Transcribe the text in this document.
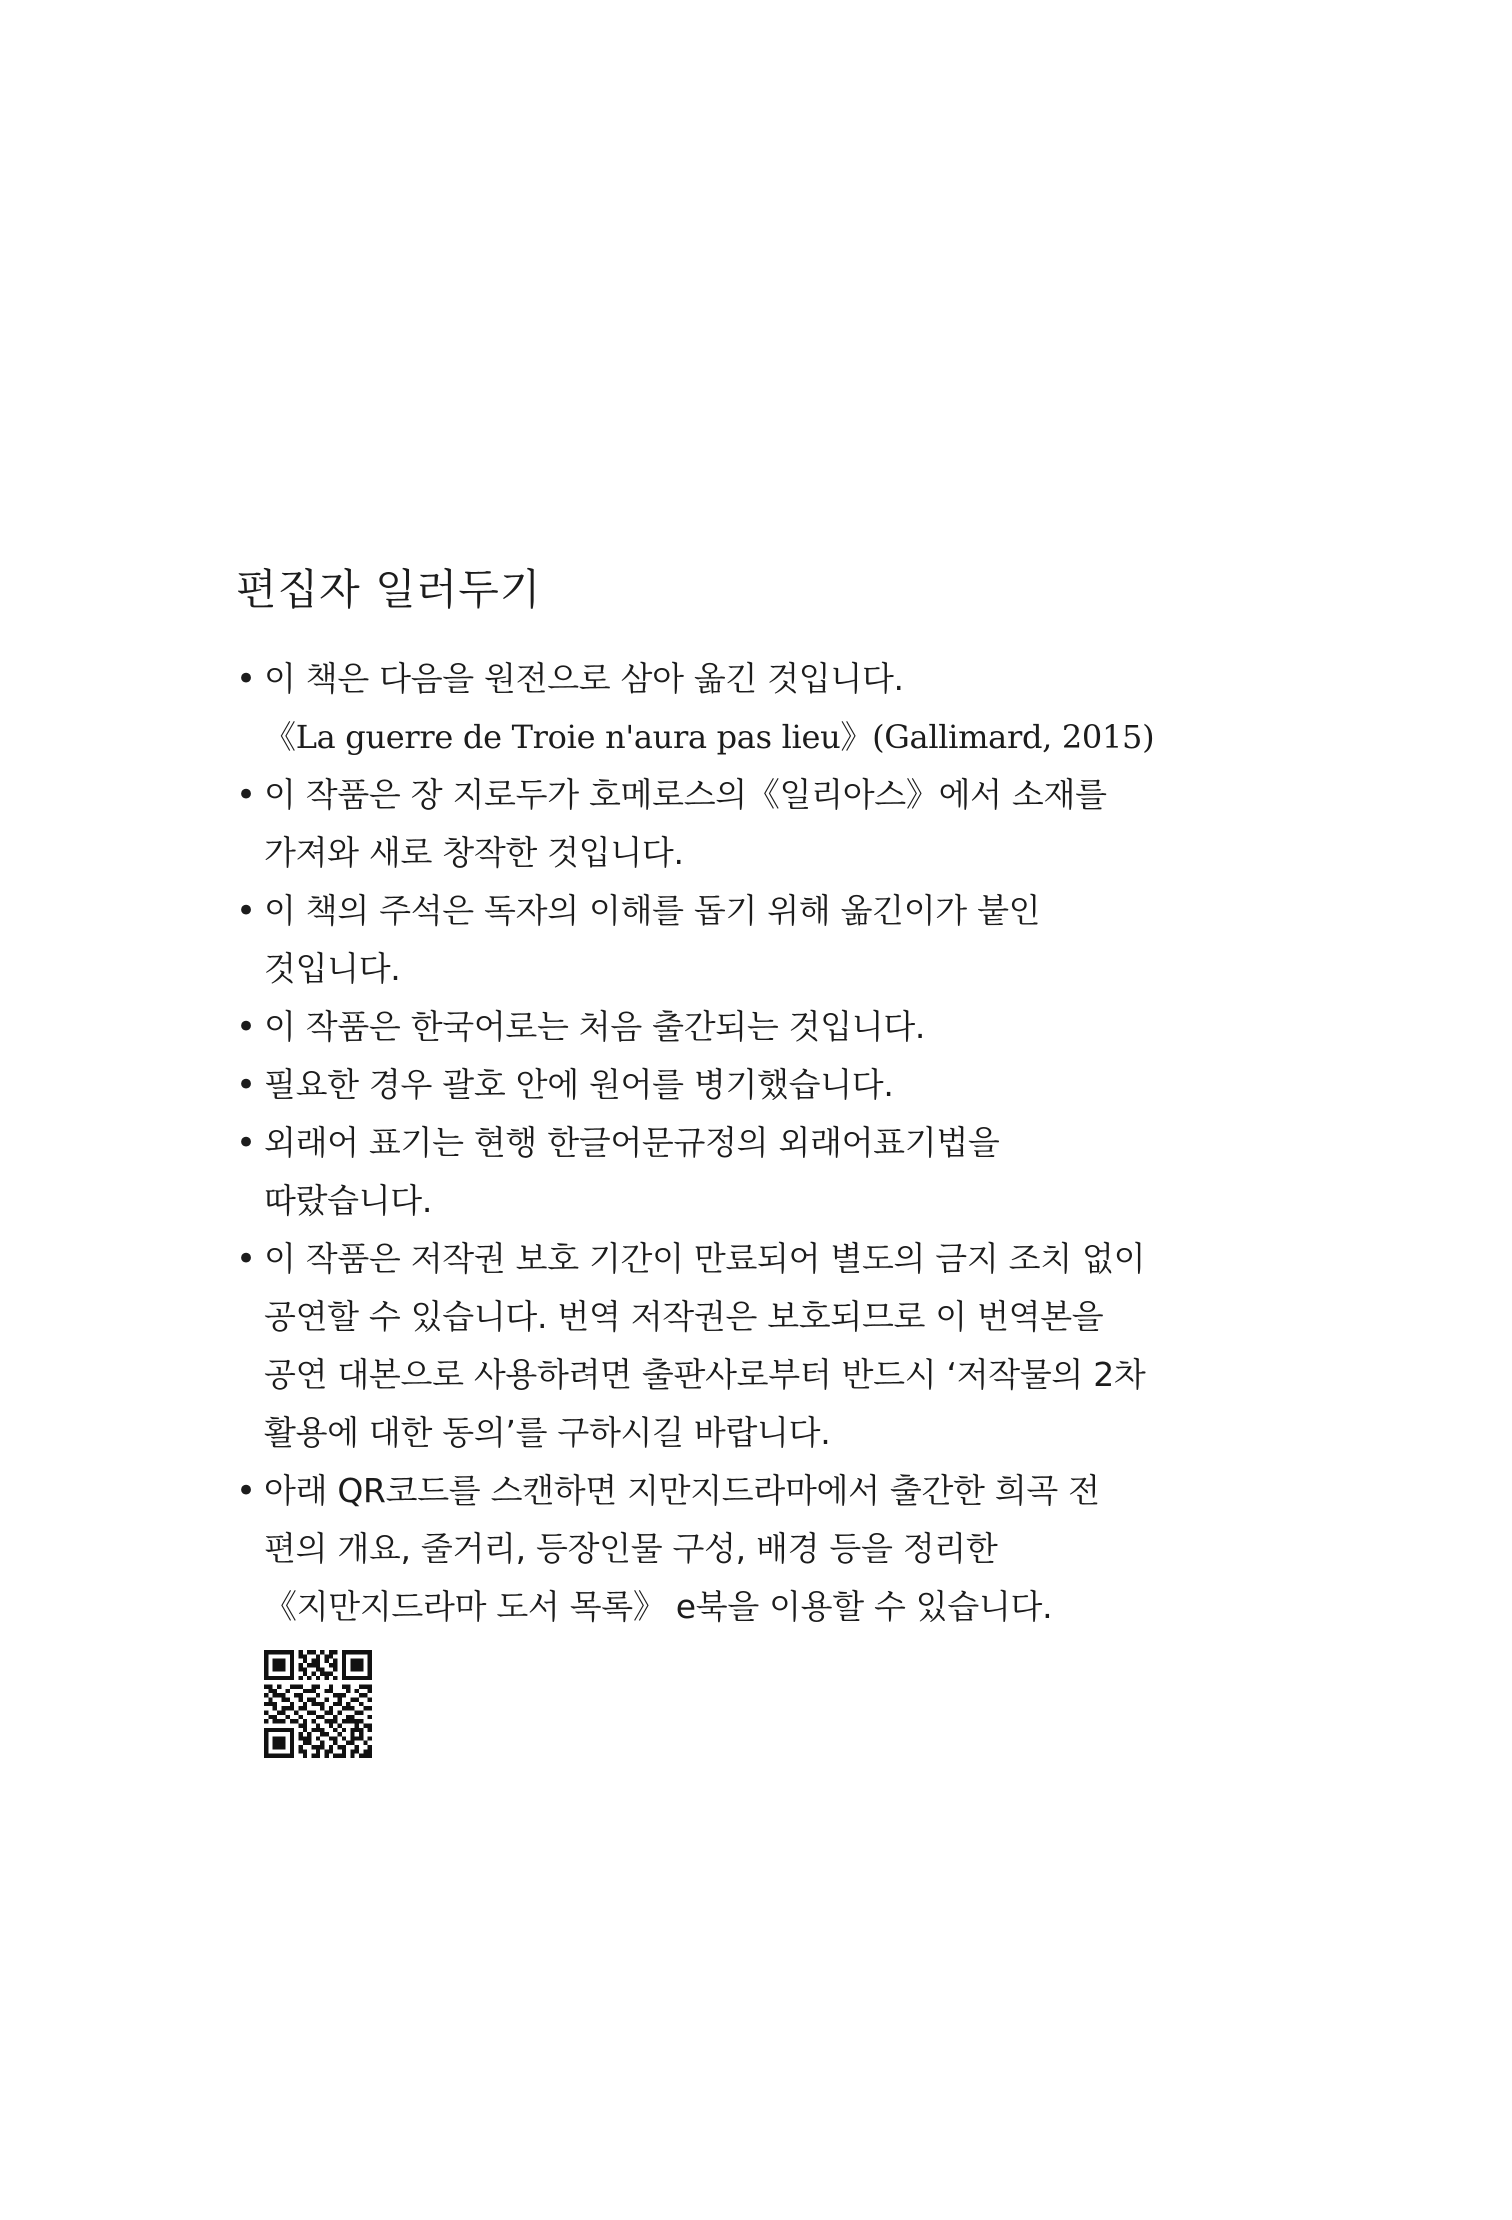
편집자 일러두기
• 이 책은 다음을 원전으로 삼아 옮긴 것입니다.
《La guerre de Troie n'aura pas lieu》(Gallimard, 2015)
• 이 작품은 장 지로두가 호메로스의《일리아스》에서 소재를
가져와 새로 창작한 것입니다.
• 이 책의 주석은 독자의 이해를 돕기 위해 옮긴이가 붙인
것입니다.
• 이 작품은 한국어로는 처음 출간되는 것입니다.
• 필요한 경우 괄호 안에 원어를 병기했습니다.
• 외래어 표기는 현행 한글어문규정의 외래어표기법을
따랐습니다.
• 이 작품은 저작권 보호 기간이 만료되어 별도의 금지 조치 없이
공연할 수 있습니다. 번역 저작권은 보호되므로 이 번역본을
공연 대본으로 사용하려면 출판사로부터 반드시 ‘저작물의 2차
활용에 대한 동의’를 구하시길 바랍니다.
• 아래 QR코드를 스캔하면 지만지드라마에서 출간한 희곡 전
편의 개요, 줄거리, 등장인물 구성, 배경 등을 정리한
《지만지드라마 도서 목록》 e북을 이용할 수 있습니다.
